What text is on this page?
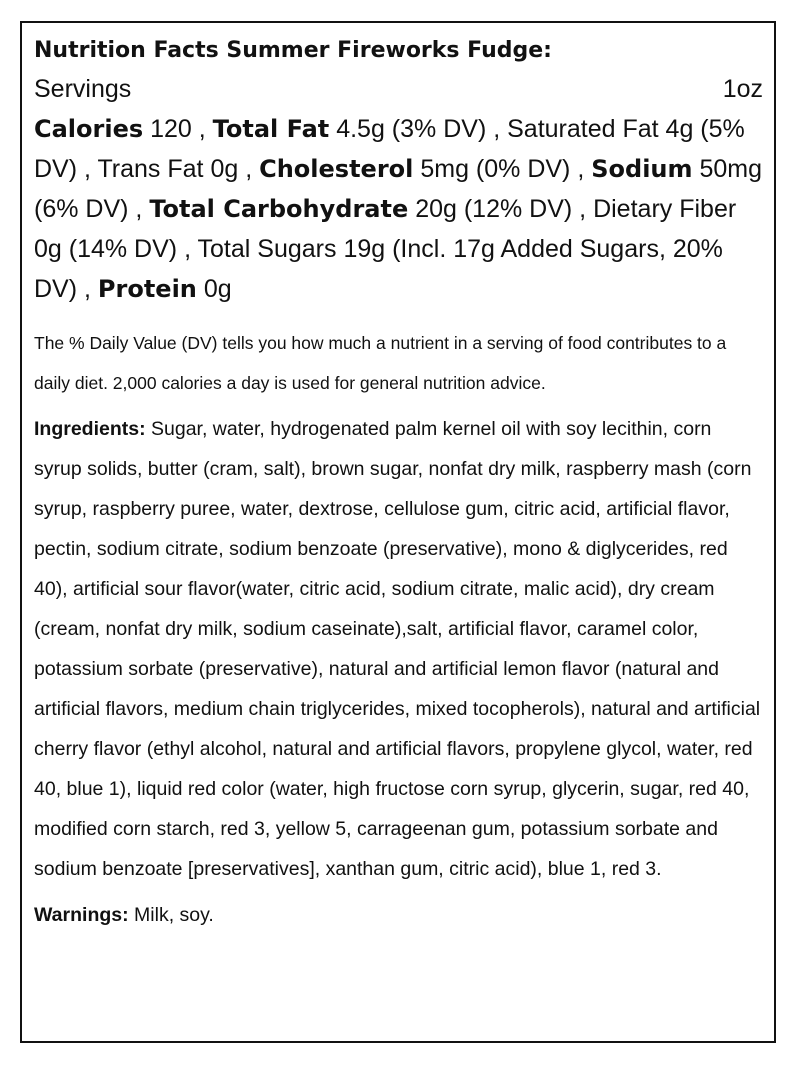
Nutrition Facts Summer Fireworks Fudge:
Servings	1oz

Calories 120 , Total Fat 4.5g (3% DV) , Saturated Fat 4g (5% DV) , Trans Fat 0g , Cholesterol 5mg (0% DV) , Sodium 50mg (6% DV) , Total Carbohydrate 20g (12% DV) , Dietary Fiber 0g (14% DV) , Total Sugars 19g (Incl. 17g Added Sugars, 20% DV) , Protein 0g

The % Daily Value (DV) tells you how much a nutrient in a serving of food contributes to a daily diet. 2,000 calories a day is used for general nutrition advice.

Ingredients: Sugar, water, hydrogenated palm kernel oil with soy lecithin, corn syrup solids, butter (cram, salt), brown sugar, nonfat dry milk, raspberry mash (corn syrup, raspberry puree, water, dextrose, cellulose gum, citric acid, artificial flavor, pectin, sodium citrate, sodium benzoate (preservative), mono & diglycerides, red 40), artificial sour flavor(water, citric acid, sodium citrate, malic acid), dry cream (cream, nonfat dry milk, sodium caseinate),salt, artificial flavor, caramel color, potassium sorbate (preservative), natural and artificial lemon flavor (natural and artificial flavors, medium chain triglycerides, mixed tocopherols), natural and artificial cherry flavor (ethyl alcohol, natural and artificial flavors, propylene glycol, water, red 40, blue 1), liquid red color (water, high fructose corn syrup, glycerin, sugar, red 40, modified corn starch, red 3, yellow 5, carrageenan gum, potassium sorbate and sodium benzoate [preservatives], xanthan gum, citric acid), blue 1, red 3.

Warnings: Milk, soy.
